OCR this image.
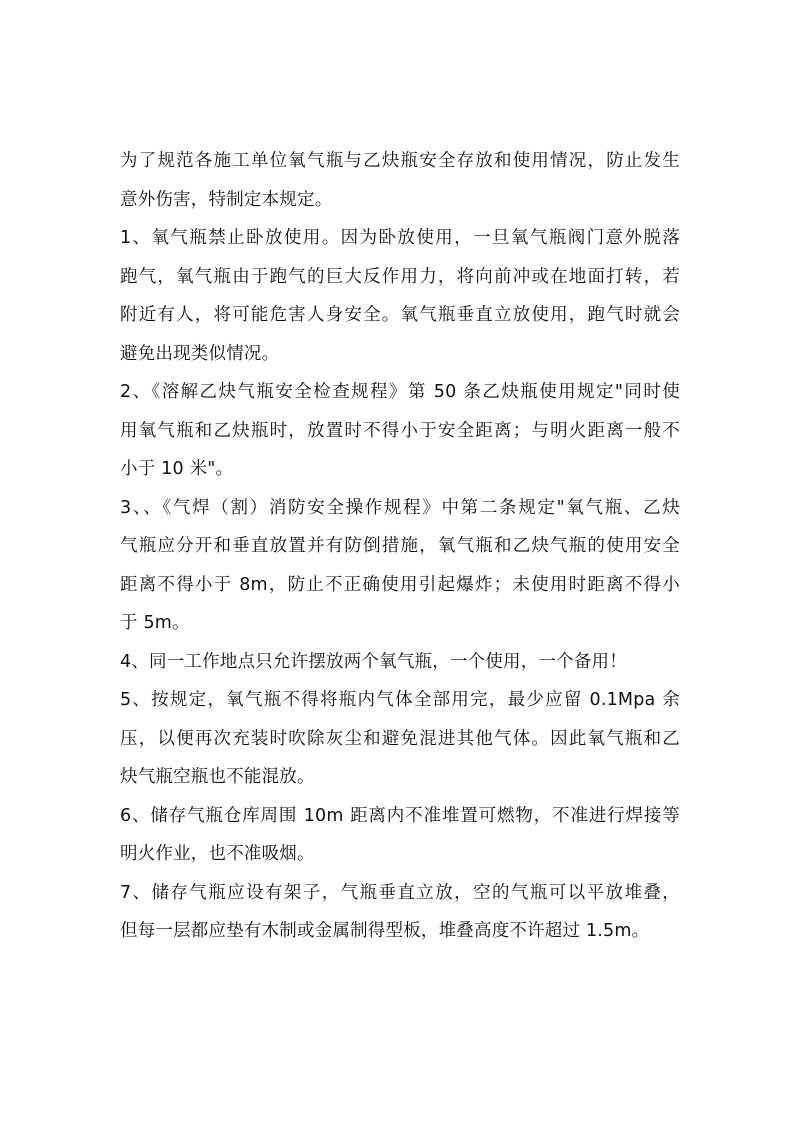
为了规范各施工单位氧气瓶与乙炔瓶安全存放和使用情况，防止发生
意外伤害，特制定本规定。

1、氧气瓶禁止卧放使用。因为卧放使用，一旦氧气瓶阀门意外脱落
跑气，氧气瓶由于跑气的巨大反作用力，将向前冲或在地面打转，若
附近有人，将可能危害人身安全。氧气瓶垂直立放使用，跑气时就会
避免出现类似情况。

2、《溶解乙炔气瓶安全检查规程》第 50 条乙炔瓶使用规定"同时使
用氧气瓶和乙炔瓶时，放置时不得小于安全距离；与明火距离一般不
小于 10 米"。

3、、《气焊（割）消防安全操作规程》中第二条规定"氧气瓶、乙炔
气瓶应分开和垂直放置并有防倒措施，氧气瓶和乙炔气瓶的使用安全
距离不得小于 8m，防止不正确使用引起爆炸；未使用时距离不得小
于 5m。

4、同一工作地点只允许摆放两个氧气瓶，一个使用，一个备用！

5、按规定，氧气瓶不得将瓶内气体全部用完，最少应留 0.1Mpa 余
压，以便再次充装时吹除灰尘和避免混进其他气体。因此氧气瓶和乙
炔气瓶空瓶也不能混放。

6、储存气瓶仓库周围 10m 距离内不准堆置可燃物，不准进行焊接等
明火作业，也不准吸烟。

7、储存气瓶应设有架子，气瓶垂直立放，空的气瓶可以平放堆叠，
但每一层都应垫有木制或金属制得型板，堆叠高度不许超过 1.5m。
